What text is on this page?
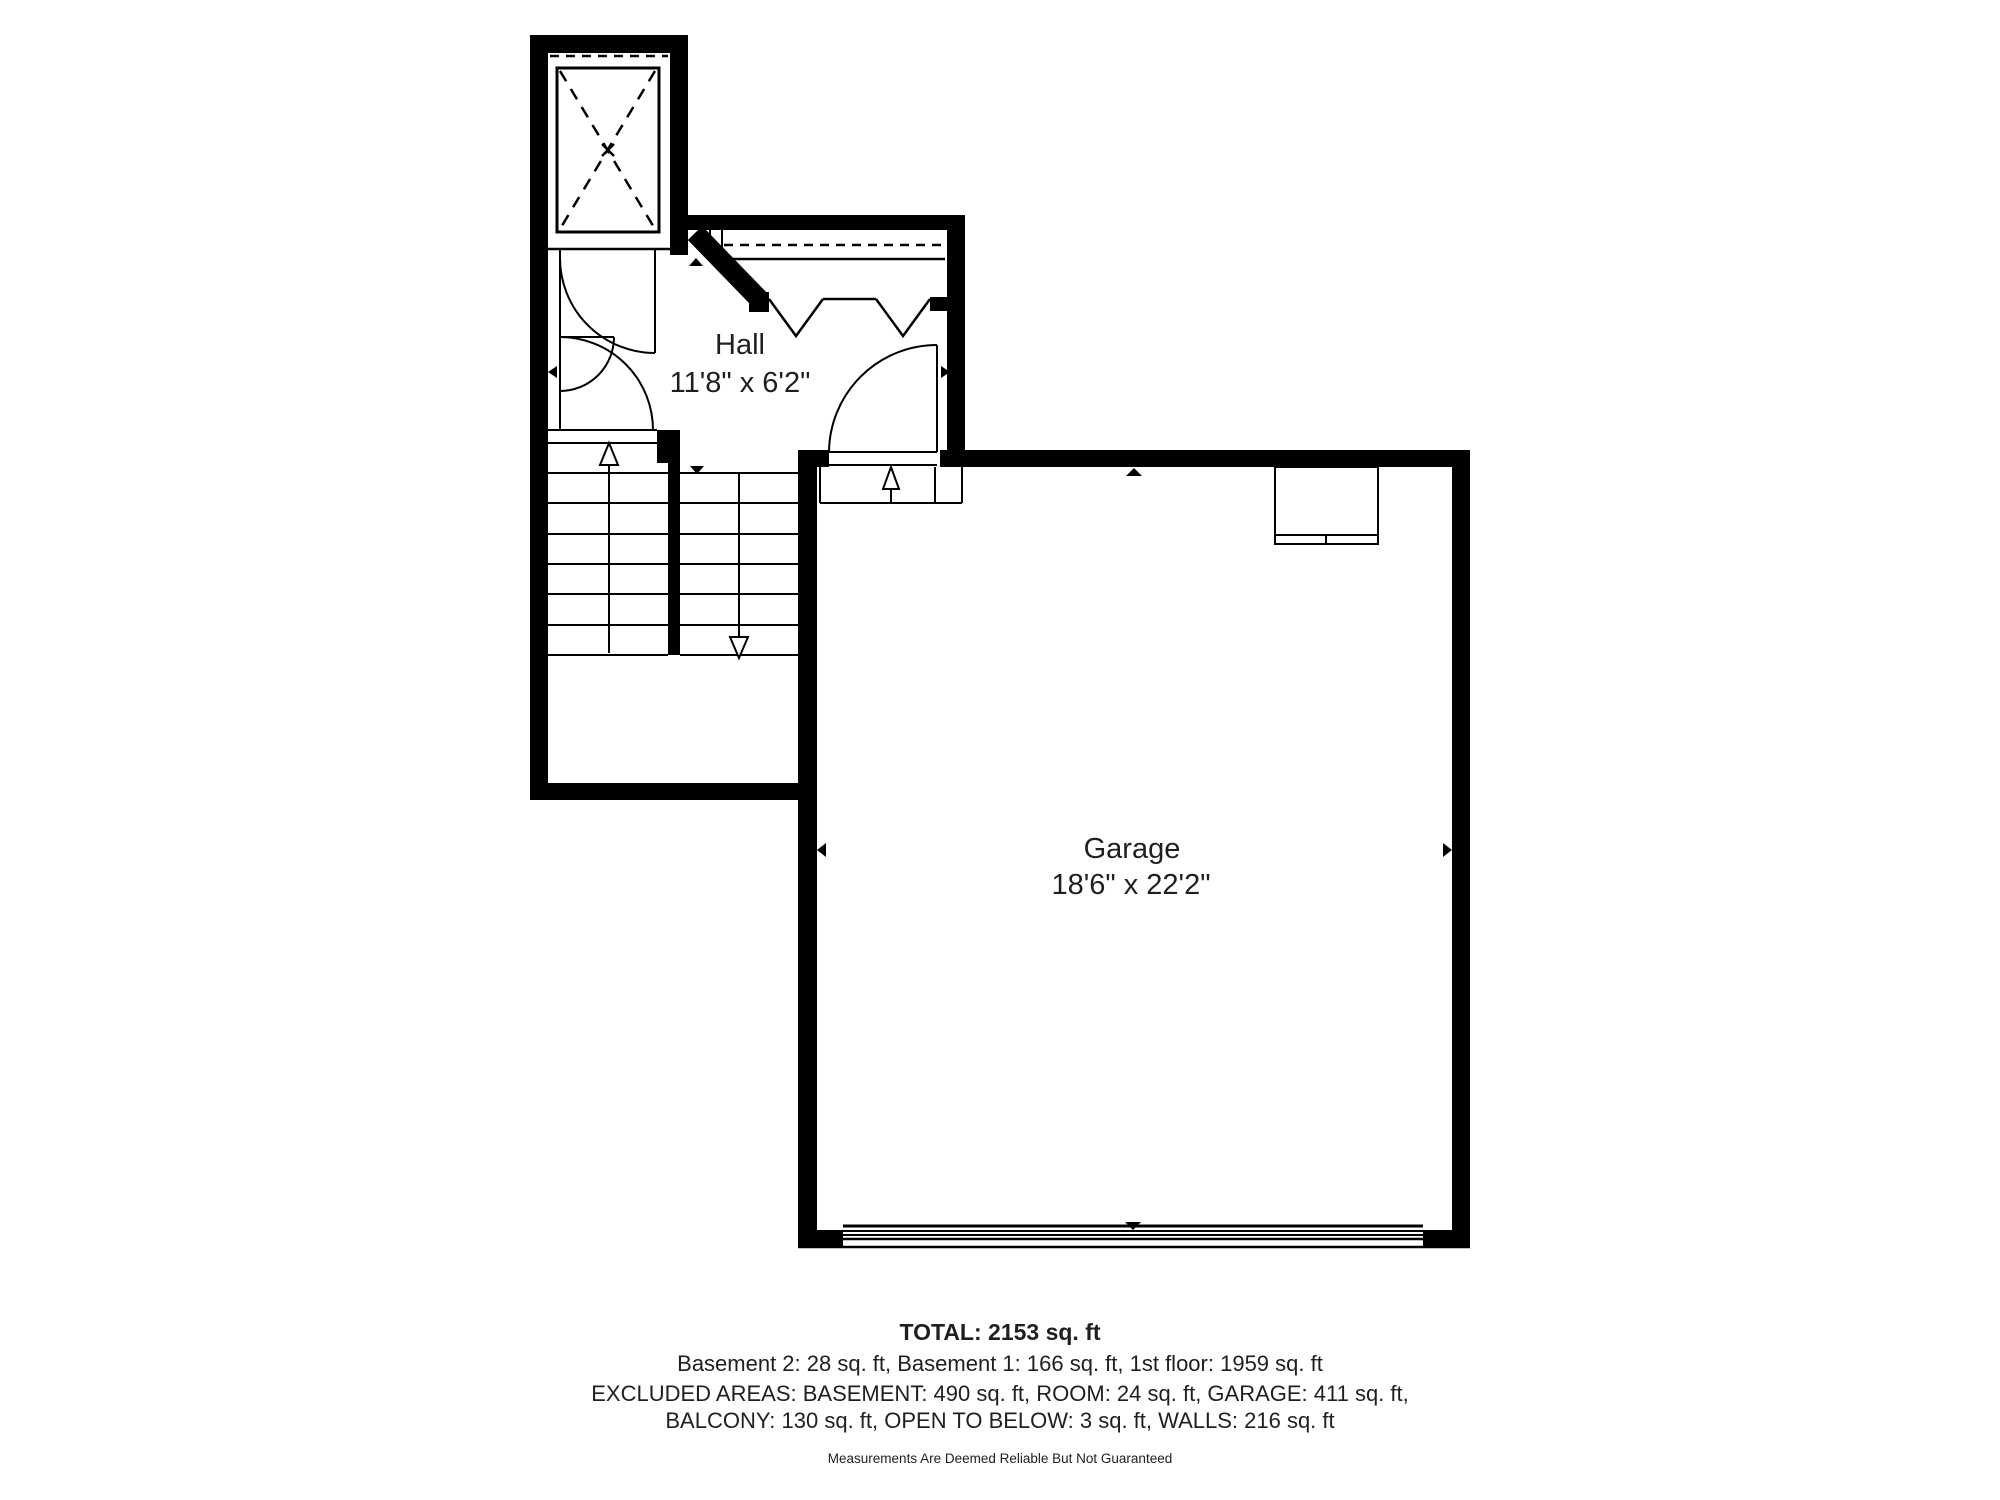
Hall
11'8" x 6'2"
Garage
18'6" x 22'2"
TOTAL: 2153 sq. ft
Basement 2: 28 sq. ft, Basement 1: 166 sq. ft, 1st floor: 1959 sq. ft
EXCLUDED AREAS: BASEMENT: 490 sq. ft, ROOM: 24 sq. ft, GARAGE: 411 sq. ft,
BALCONY: 130 sq. ft, OPEN TO BELOW: 3 sq. ft, WALLS: 216 sq. ft
Measurements Are Deemed Reliable But Not Guaranteed
